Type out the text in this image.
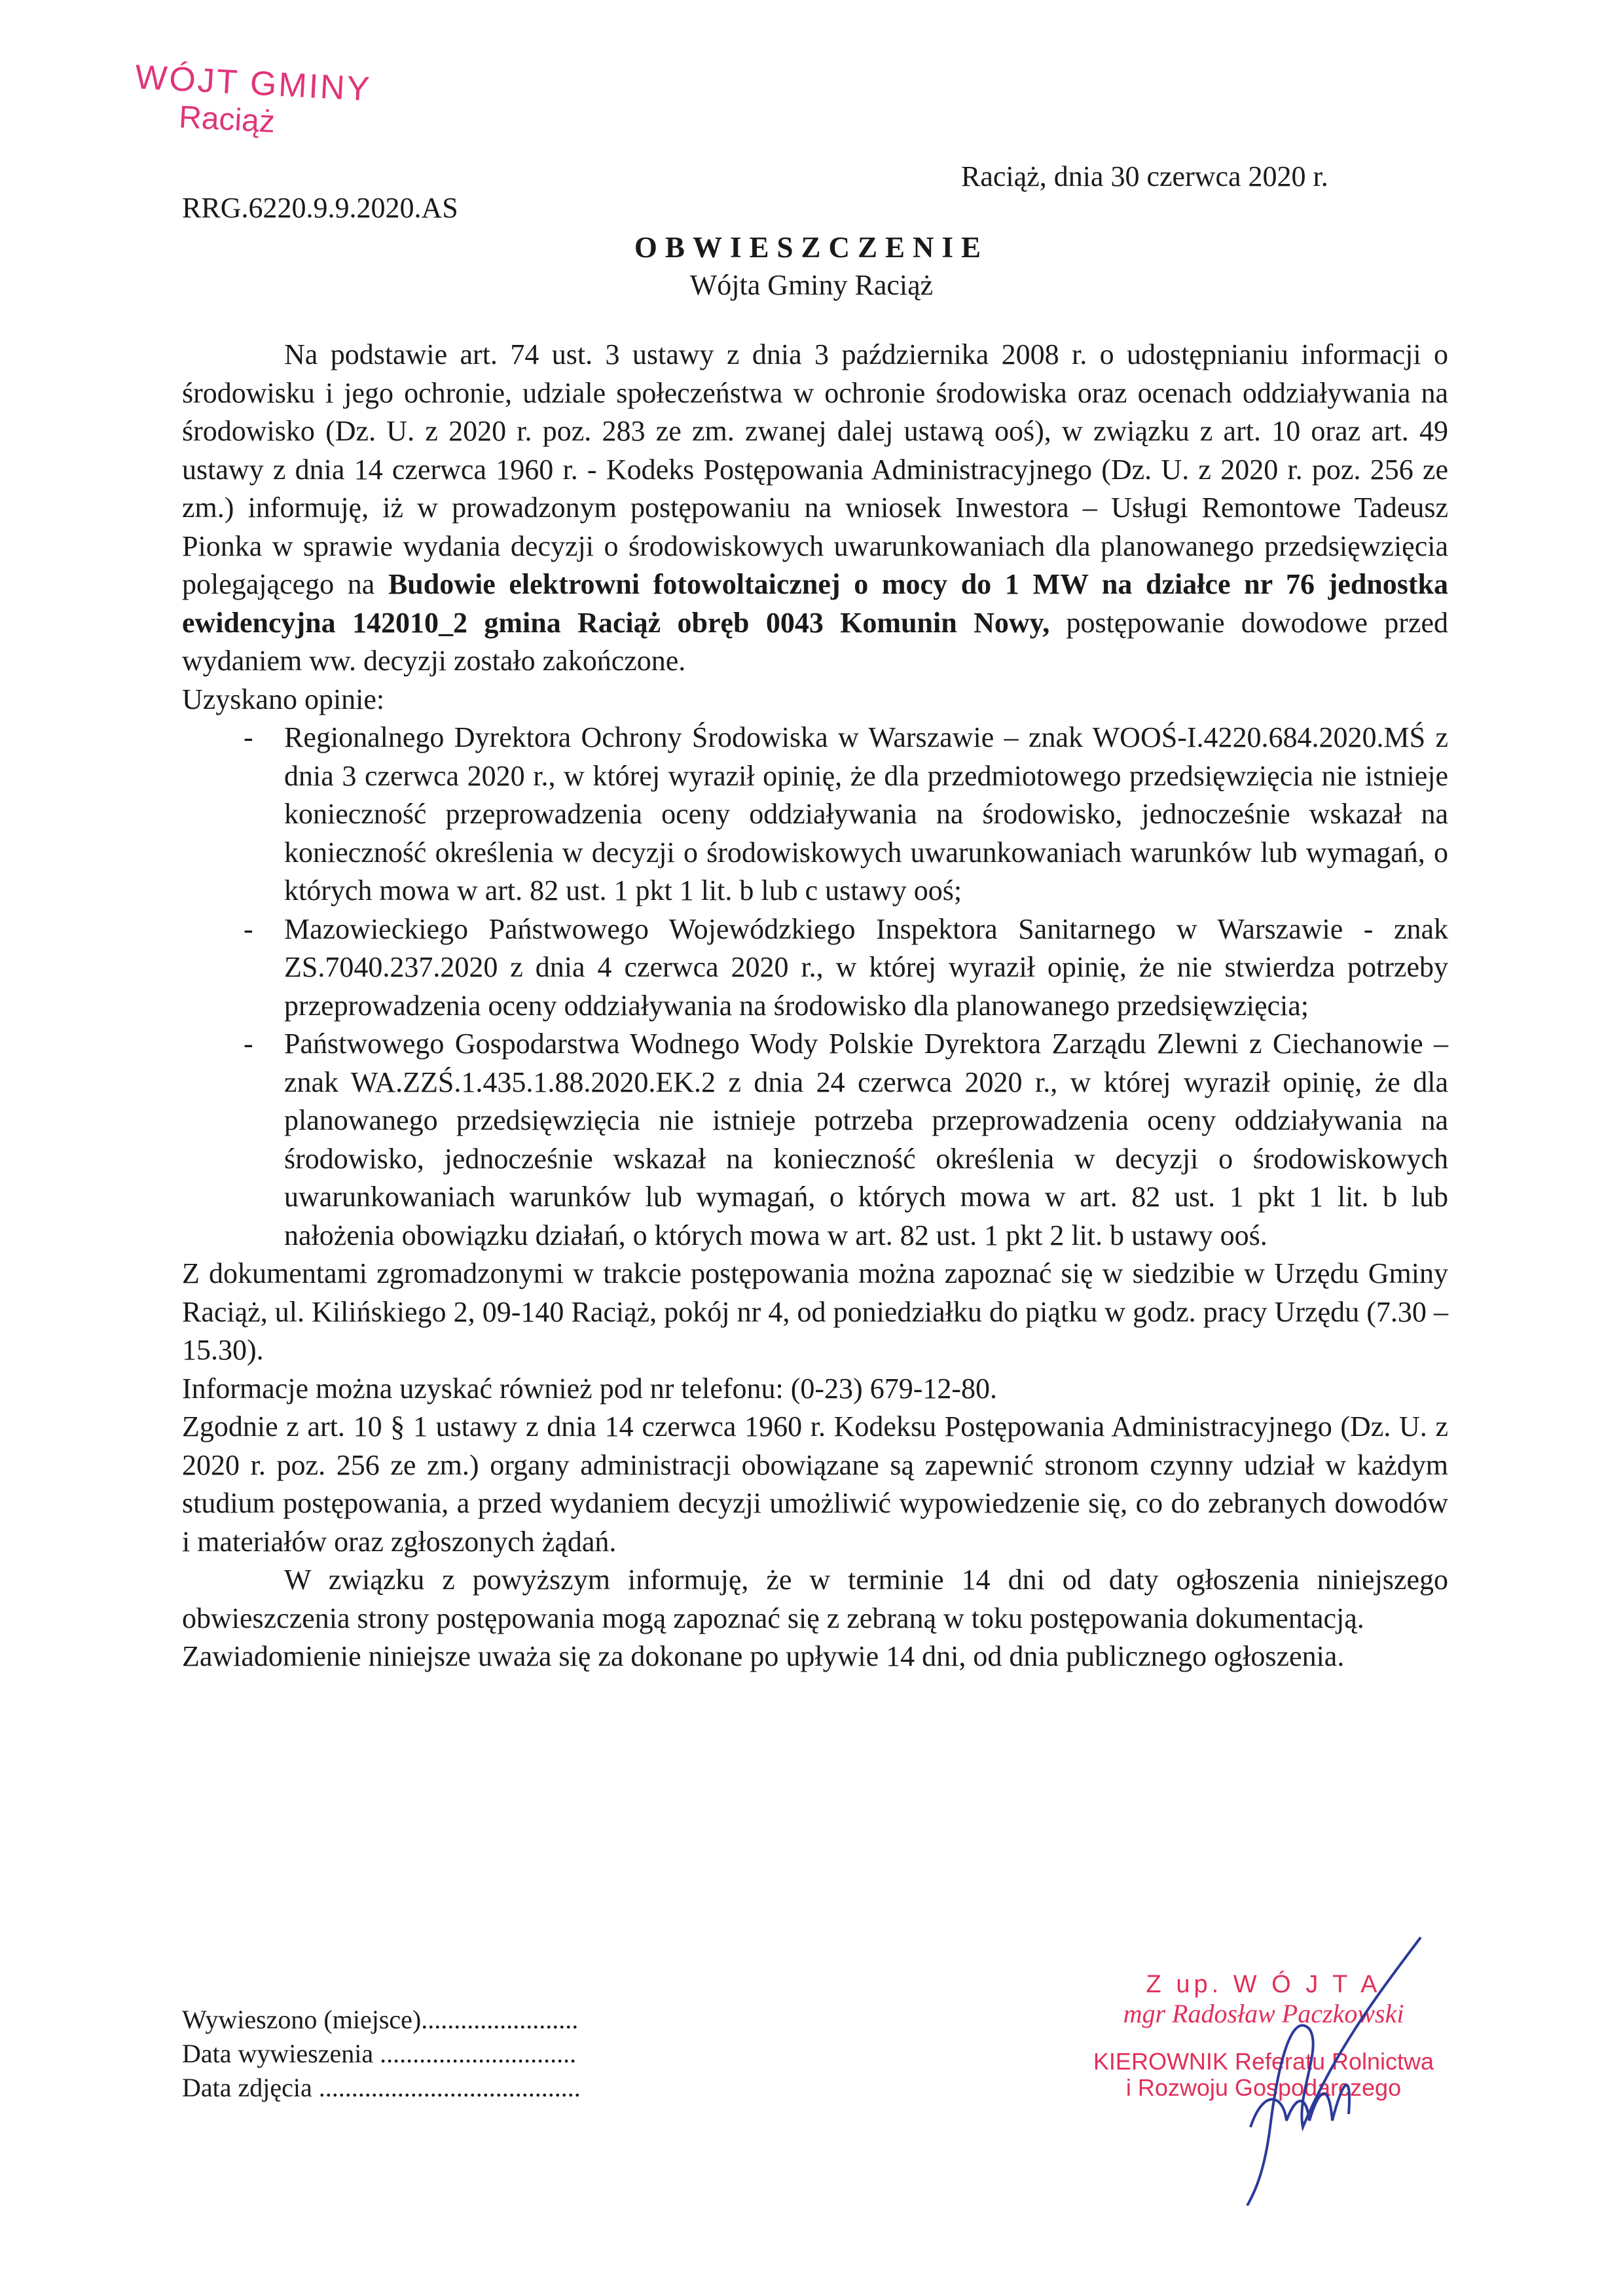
WÓJT GMINY
Raciąż
RRG.6220.9.9.2020.AS
Raciąż, dnia 30 czerwca 2020 r.
OBWIESZCZENIE
Wójta Gminy Raciąż

Na podstawie art. 74 ust. 3 ustawy z dnia 3 października 2008 r. o udostępnianiu informacji o środowisku i jego ochronie, udziale społeczeństwa w ochronie środowiska oraz ocenach oddziaływania na środowisko (Dz. U. z 2020 r. poz. 283 ze zm. zwanej dalej ustawą ooś), w związku z art. 10 oraz art. 49 ustawy z dnia 14 czerwca 1960 r. - Kodeks Postępowania Administracyjnego (Dz. U. z 2020 r. poz. 256 ze zm.) informuję, iż w prowadzonym postępowaniu na wniosek Inwestora – Usługi Remontowe Tadeusz Pionka w sprawie wydania decyzji o środowiskowych uwarunkowaniach dla planowanego przedsięwzięcia polegającego na Budowie elektrowni fotowoltaicznej o mocy do 1 MW na działce nr 76 jednostka ewidencyjna 142010_2 gmina Raciąż obręb 0043 Komunin Nowy, postępowanie dowodowe przed wydaniem ww. decyzji zostało zakończone.

Uzyskano opinie:

- Regionalnego Dyrektora Ochrony Środowiska w Warszawie – znak WOOŚ-I.4220.684.2020.MŚ z dnia 3 czerwca 2020 r., w której wyraził opinię, że dla przedmiotowego przedsięwzięcia nie istnieje konieczność przeprowadzenia oceny oddziaływania na środowisko, jednocześnie wskazał na konieczność określenia w decyzji o środowiskowych uwarunkowaniach warunków lub wymagań, o których mowa w art. 82 ust. 1 pkt 1 lit. b lub c ustawy ooś;
- Mazowieckiego Państwowego Wojewódzkiego Inspektora Sanitarnego w Warszawie - znak ZS.7040.237.2020 z dnia 4 czerwca 2020 r., w której wyraził opinię, że nie stwierdza potrzeby przeprowadzenia oceny oddziaływania na środowisko dla planowanego przedsięwzięcia;
- Państwowego Gospodarstwa Wodnego Wody Polskie Dyrektora Zarządu Zlewni z Ciechanowie – znak WA.ZZŚ.1.435.1.88.2020.EK.2 z dnia 24 czerwca 2020 r., w której wyraził opinię, że dla planowanego przedsięwzięcia nie istnieje potrzeba przeprowadzenia oceny oddziaływania na środowisko, jednocześnie wskazał na konieczność określenia w decyzji o środowiskowych uwarunkowaniach warunków lub wymagań, o których mowa w art. 82 ust. 1 pkt 1 lit. b lub nałożenia obowiązku działań, o których mowa w art. 82 ust. 1 pkt 2 lit. b ustawy ooś.

Z dokumentami zgromadzonymi w trakcie postępowania można zapoznać się w siedzibie w Urzędu Gminy Raciąż, ul. Kilińskiego 2, 09-140 Raciąż, pokój nr 4, od poniedziałku do piątku w godz. pracy Urzędu (7.30 – 15.30).

Informacje można uzyskać również pod nr telefonu: (0-23) 679-12-80.

Zgodnie z art. 10 § 1 ustawy z dnia 14 czerwca 1960 r. Kodeksu Postępowania Administracyjnego (Dz. U. z 2020 r. poz. 256 ze zm.) organy administracji obowiązane są zapewnić stronom czynny udział w każdym studium postępowania, a przed wydaniem decyzji umożliwić wypowiedzenie się, co do zebranych dowodów i materiałów oraz zgłoszonych żądań.

W związku z powyższym informuję, że w terminie 14 dni od daty ogłoszenia niniejszego obwieszczenia strony postępowania mogą zapoznać się z zebraną w toku postępowania dokumentacją.

Zawiadomienie niniejsze uważa się za dokonane po upływie 14 dni, od dnia publicznego ogłoszenia.

Wywieszono (miejsce)........................
Data wywieszenia ..............................
Data zdjęcia ........................................
Z up. W Ó J T A
mgr Radosław Paczkowski
KIEROWNIK Referatu Rolnictwa
i Rozwoju Gospodarczego
